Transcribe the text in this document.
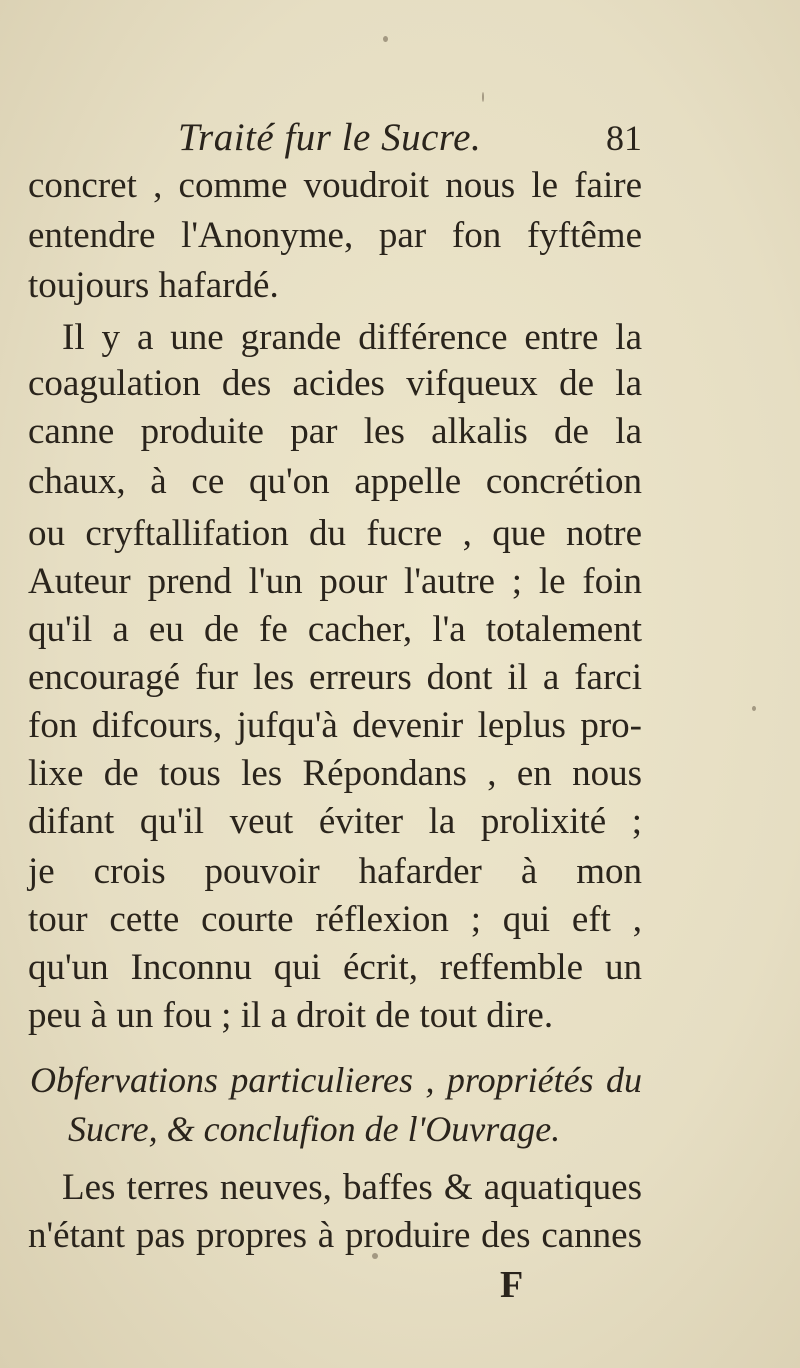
Traité fur le Sucre.	81
concret , comme voudroit nous le faire
entendre l'Anonyme, par fon fyftême
toujours hafardé.
Il y a une grande différence entre la
coagulation des acides vifqueux de la
canne produite par les alkalis de la
chaux, à ce qu'on appelle concrétion
ou cryftallifation du fucre , que notre
Auteur prend l'un pour l'autre ; le foin
qu'il a eu de fe cacher, l'a totalement
encouragé fur les erreurs dont il a farci
fon difcours, jufqu'à devenir leplus pro-
lixe de tous les Répondans , en nous
difant qu'il veut éviter la prolixité ;
je crois pouvoir hafarder à mon
tour cette courte réflexion ; qui eft ,
qu'un Inconnu qui écrit, reffemble un
peu à un fou ; il a droit de tout dire.
Obfervations particulieres , propriétés du
Sucre, & conclufion de l'Ouvrage.
Les terres neuves, baffes & aquatiques
n'étant pas propres à produire des cannes
F
